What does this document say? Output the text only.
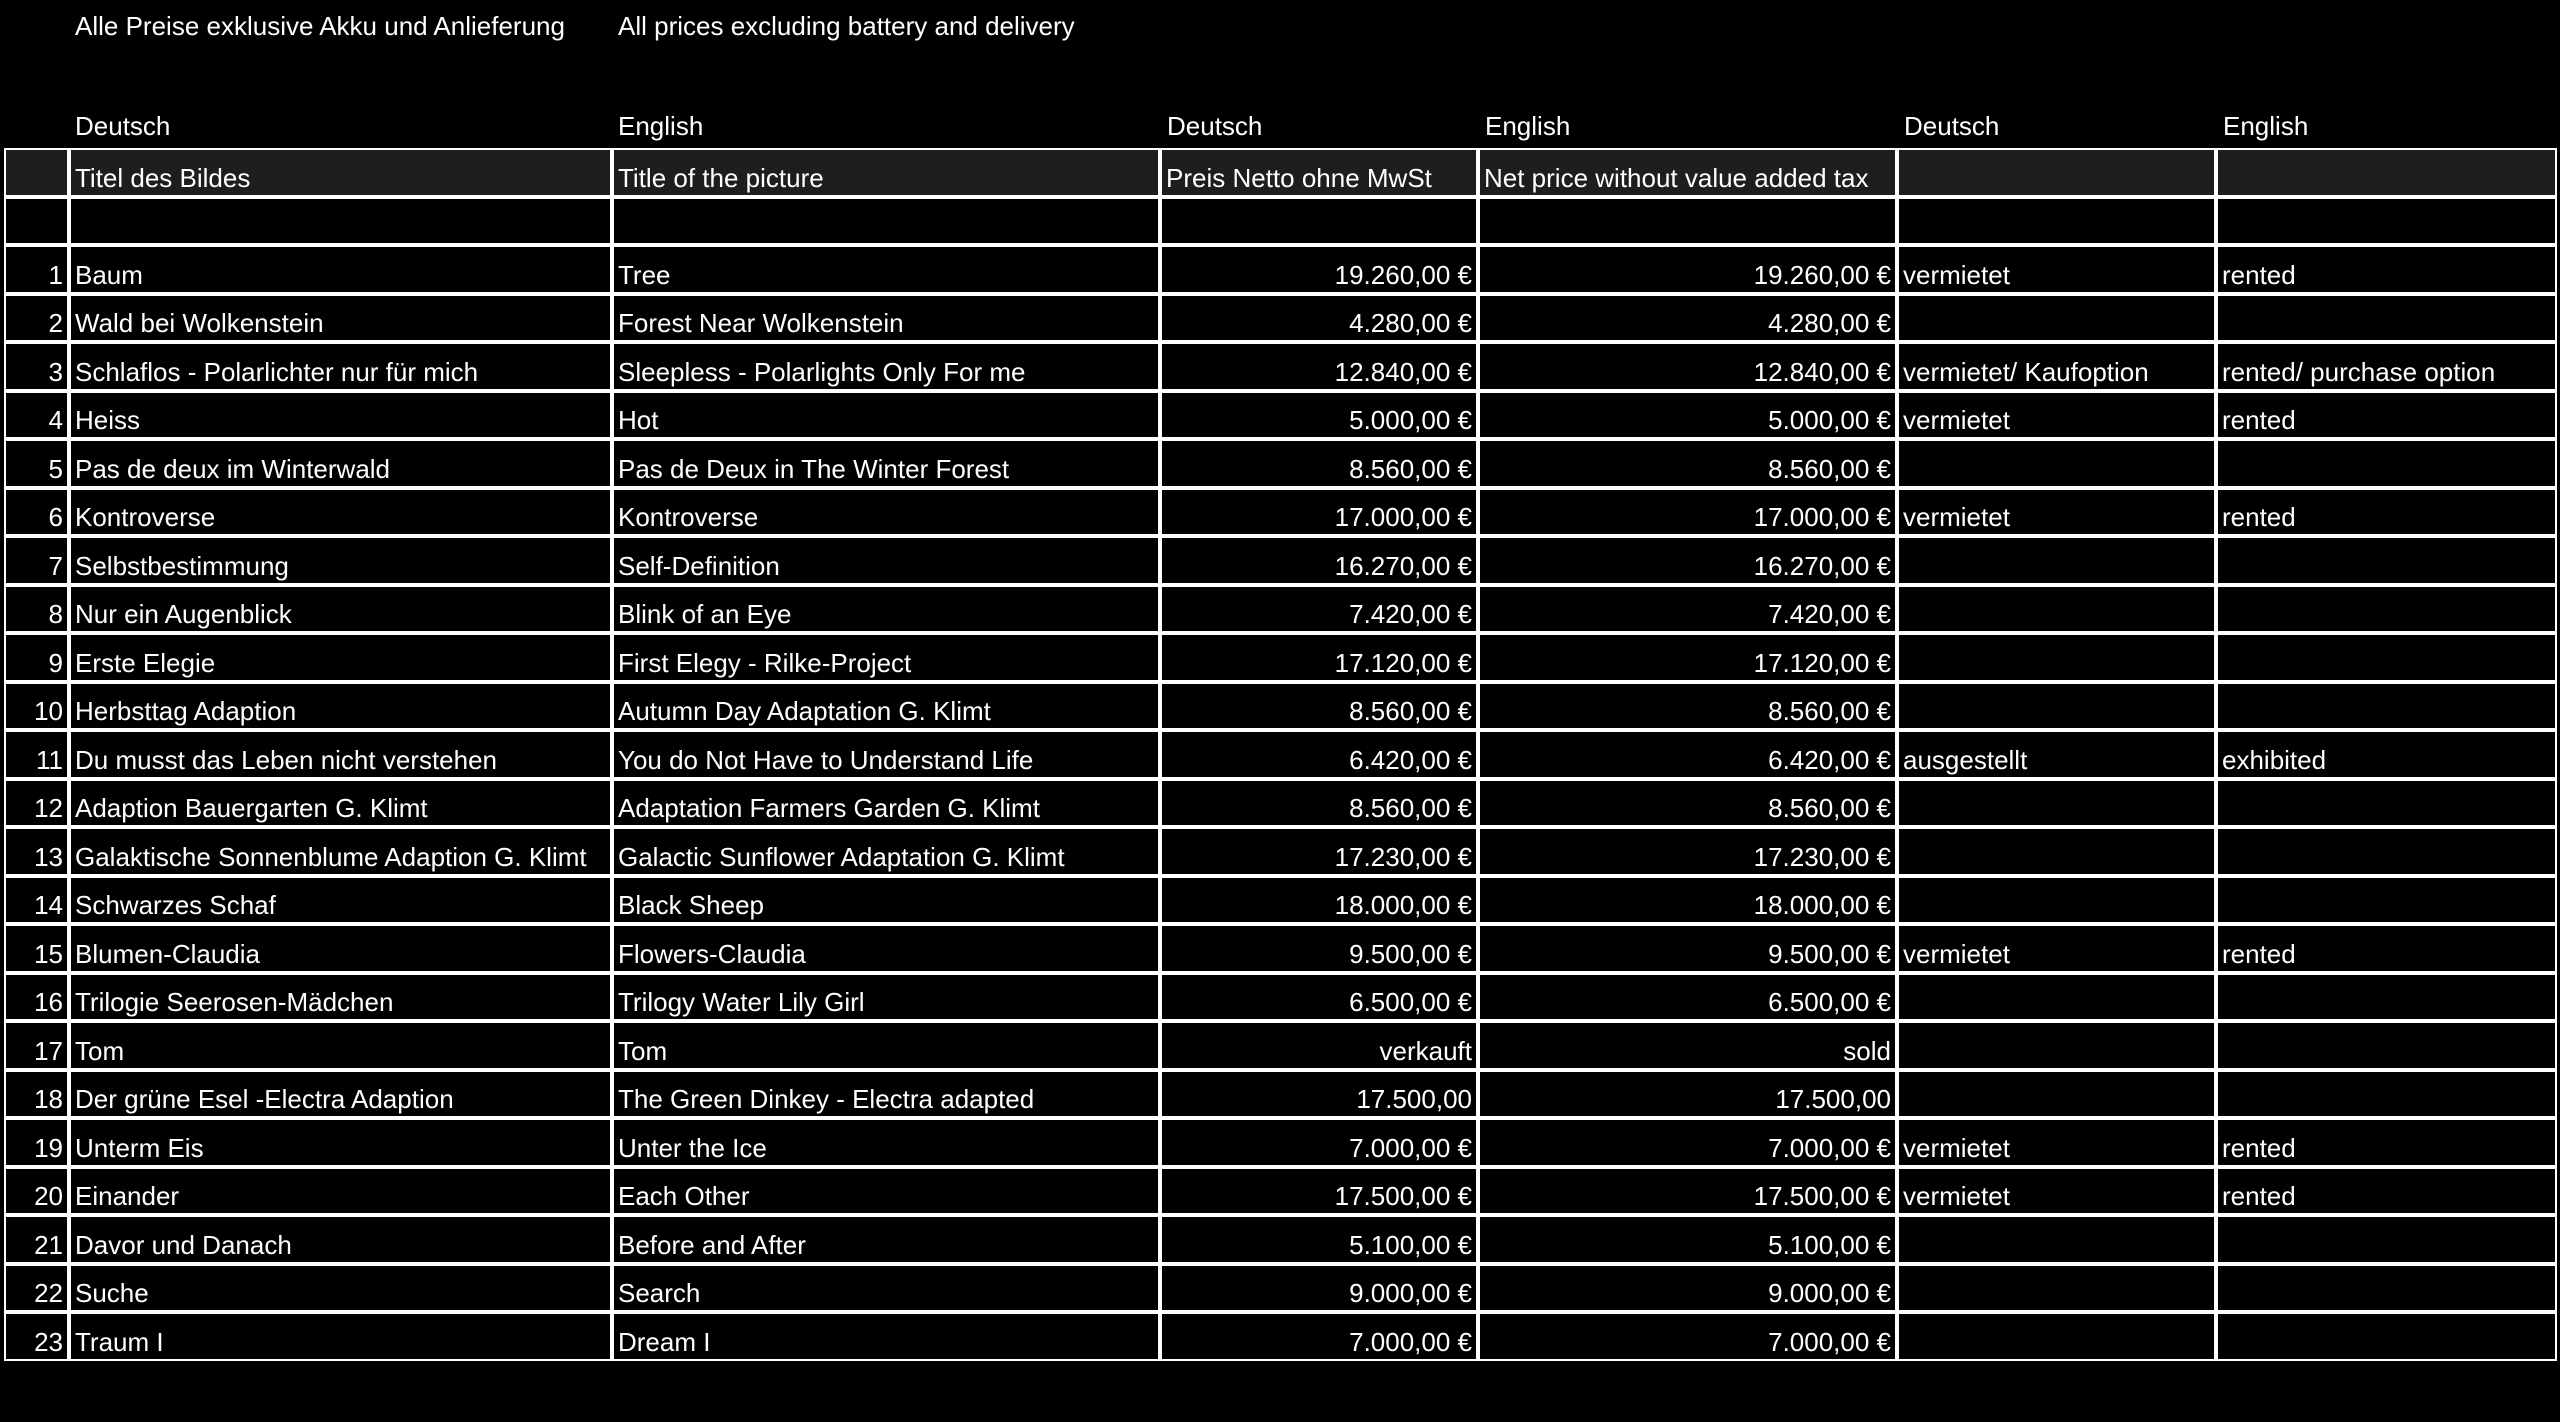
Alle Preise exklusive Akku und Anlieferung All prices excluding battery and delivery
Deutsch	English	Deutsch	English	Deutsch	English
	Titel des Bildes	Title of the picture	Preis Netto ohne MwSt	Net price without value added tax		

1	Baum	Tree	19.260,00 €	19.260,00 €	vermietet	rented
2	Wald bei Wolkenstein	Forest Near Wolkenstein	4.280,00 €	4.280,00 €		
3	Schlaflos - Polarlichter nur für mich	Sleepless - Polarlights Only For me	12.840,00 €	12.840,00 €	vermietet/ Kaufoption	rented/ purchase option
4	Heiss	Hot	5.000,00 €	5.000,00 €	vermietet	rented
5	Pas de deux im Winterwald	Pas de Deux in The Winter Forest	8.560,00 €	8.560,00 €		
6	Kontroverse	Kontroverse	17.000,00 €	17.000,00 €	vermietet	rented
7	Selbstbestimmung	Self-Definition	16.270,00 €	16.270,00 €		
8	Nur ein Augenblick	Blink of an Eye	7.420,00 €	7.420,00 €		
9	Erste Elegie	First Elegy - Rilke-Project	17.120,00 €	17.120,00 €		
10	Herbsttag Adaption	Autumn Day Adaptation G. Klimt	8.560,00 €	8.560,00 €		
11	Du musst das Leben nicht verstehen	You do Not Have to Understand Life	6.420,00 €	6.420,00 €	ausgestellt	exhibited
12	Adaption Bauergarten G. Klimt	Adaptation Farmers Garden G. Klimt	8.560,00 €	8.560,00 €		
13	Galaktische Sonnenblume Adaption G. Klimt	Galactic Sunflower Adaptation G. Klimt	17.230,00 €	17.230,00 €		
14	Schwarzes Schaf	Black Sheep	18.000,00 €	18.000,00 €		
15	Blumen-Claudia	Flowers-Claudia	9.500,00 €	9.500,00 €	vermietet	rented
16	Trilogie Seerosen-Mädchen	Trilogy Water Lily Girl	6.500,00 €	6.500,00 €		
17	Tom	Tom	verkauft	sold		
18	Der grüne Esel -Electra Adaption	The Green Dinkey - Electra adapted	17.500,00	17.500,00		
19	Unterm Eis	Unter the Ice	7.000,00 €	7.000,00 €	vermietet	rented
20	Einander	Each Other	17.500,00 €	17.500,00 €	vermietet	rented
21	Davor und Danach	Before and After	5.100,00 €	5.100,00 €		
22	Suche	Search	9.000,00 €	9.000,00 €		
23	Traum I	Dream I	7.000,00 €	7.000,00 €		
